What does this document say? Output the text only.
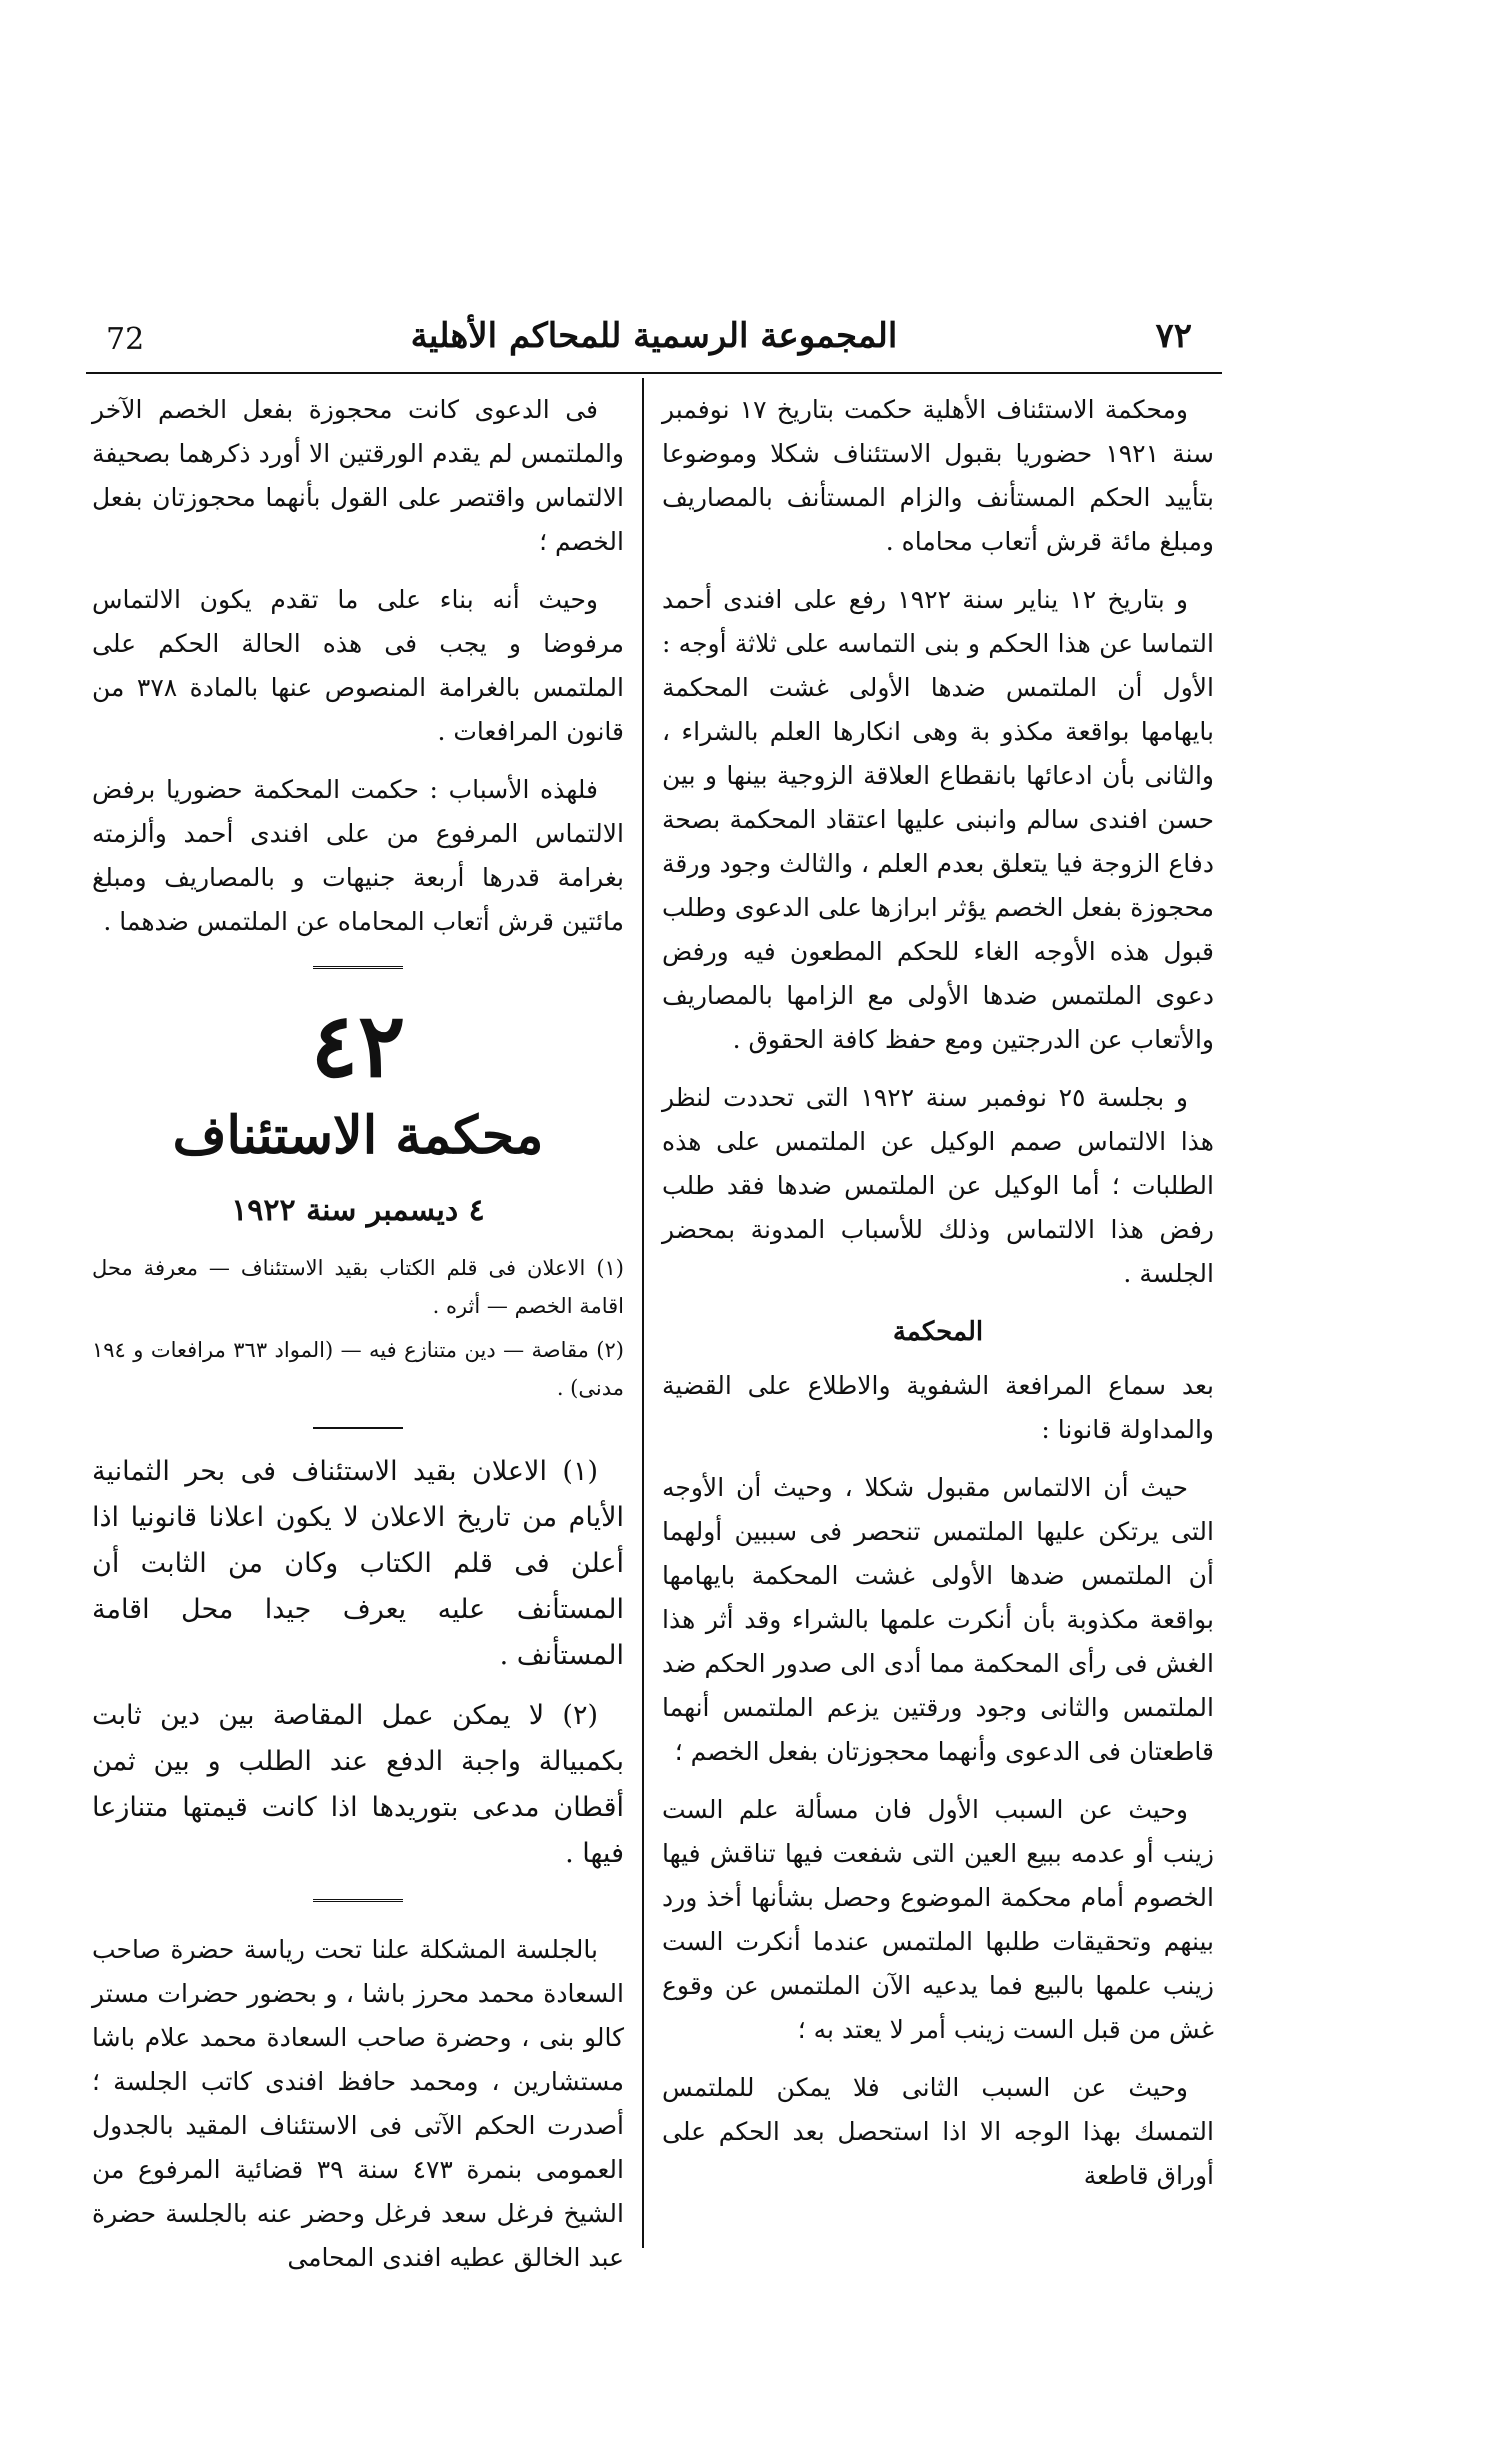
72	المجموعة الرسمية للمحاكم الأهلية	٧٢

ومحكمة الاستئناف الأهلية حكمت بتاريخ ١٧ نوفمبر سنة ١٩٢١ حضوريا بقبول الاستئناف شكلا وموضوعا بتأييد الحكم المستأنف والزام المستأنف بالمصاريف ومبلغ مائة قرش أتعاب محاماه .

و بتاريخ ١٢ يناير سنة ١٩٢٢ رفع على افندى أحمد التماسا عن هذا الحكم و بنى التماسه على ثلاثة أوجه : الأول أن الملتمس ضدها الأولى غشت المحكمة بايهامها بواقعة مكذو بة وهى انكارها العلم بالشراء ، والثانى بأن ادعائها بانقطاع العلاقة الزوجية بينها و بين حسن افندى سالم وانبنى عليها اعتقاد المحكمة بصحة دفاع الزوجة فيا يتعلق بعدم العلم ، والثالث وجود ورقة محجوزة بفعل الخصم يؤثر ابرازها على الدعوى وطلب قبول هذه الأوجه الغاء للحكم المطعون فيه ورفض دعوى الملتمس ضدها الأولى مع الزامها بالمصاريف والأتعاب عن الدرجتين ومع حفظ كافة الحقوق .

و بجلسة ٢٥ نوفمبر سنة ١٩٢٢ التى تحددت لنظر هذا الالتماس صمم الوكيل عن الملتمس على هذه الطلبات ؛ أما الوكيل عن الملتمس ضدها فقد طلب رفض هذا الالتماس وذلك للأسباب المدونة بمحضر الجلسة .

المحكمة

بعد سماع المرافعة الشفوية والاطلاع على القضية والمداولة قانونا :

حيث أن الالتماس مقبول شكلا ، وحيث أن الأوجه التى يرتكن عليها الملتمس تنحصر فى سببين أولهما أن الملتمس ضدها الأولى غشت المحكمة بايهامها بواقعة مكذوبة بأن أنكرت علمها بالشراء وقد أثر هذا الغش فى رأى المحكمة مما أدى الى صدور الحكم ضد الملتمس والثانى وجود ورقتين يزعم الملتمس أنهما قاطعتان فى الدعوى وأنهما محجوزتان بفعل الخصم ؛

وحيث عن السبب الأول فان مسألة علم الست زينب أو عدمه ببيع العين التى شفعت فيها تناقش فيها الخصوم أمام محكمة الموضوع وحصل بشأنها أخذ ورد بينهم وتحقيقات طلبها الملتمس عندما أنكرت الست زينب علمها بالبيع فما يدعيه الآن الملتمس عن وقوع غش من قبل الست زينب أمر لا يعتد به ؛

وحيث عن السبب الثانى فلا يمكن للملتمس التمسك بهذا الوجه الا اذا استحصل بعد الحكم على أوراق قاطعة

فى الدعوى كانت محجوزة بفعل الخصم الآخر والملتمس لم يقدم الورقتين الا أورد ذكرهما بصحيفة الالتماس واقتصر على القول بأنهما محجوزتان بفعل الخصم ؛

وحيث أنه بناء على ما تقدم يكون الالتماس مرفوضا و يجب فى هذه الحالة الحكم على الملتمس بالغرامة المنصوص عنها بالمادة ٣٧٨ من قانون المرافعات .

فلهذه الأسباب : حكمت المحكمة حضوريا برفض الالتماس المرفوع من على افندى أحمد وألزمته بغرامة قدرها أربعة جنيهات و بالمصاريف ومبلغ مائتين قرش أتعاب المحاماه عن الملتمس ضدهما .

٤٢
محكمة الاستئناف
٤ ديسمبر سنة ١٩٢٢

(١) الاعلان فى قلم الكتاب بقيد الاستئناف — معرفة محل اقامة الخصم — أثره .

(٢) مقاصة — دين متنازع فيه — (المواد ٣٦٣ مرافعات و ١٩٤ مدنى) .

(١) الاعلان بقيد الاستئناف فى بحر الثمانية الأيام من تاريخ الاعلان لا يكون اعلانا قانونيا اذا أعلن فى قلم الكتاب وكان من الثابت أن المستأنف عليه يعرف جيدا محل اقامة المستأنف .

(٢) لا يمكن عمل المقاصة بين دين ثابت بكمبيالة واجبة الدفع عند الطلب و بين ثمن أقطان مدعى بتوريدها اذا كانت قيمتها متنازعا فيها .

بالجلسة المشكلة علنا تحت رياسة حضرة صاحب السعادة محمد محرز باشا ، و بحضور حضرات مستر كالو بنى ، وحضرة صاحب السعادة محمد علام باشا مستشارين ، ومحمد حافظ افندى كاتب الجلسة ؛ أصدرت الحكم الآتى فى الاستئناف المقيد بالجدول العمومى بنمرة ٤٧٣ سنة ٣٩ قضائية المرفوع من الشيخ فرغل سعد فرغل وحضر عنه بالجلسة حضرة عبد الخالق عطيه افندى المحامى
